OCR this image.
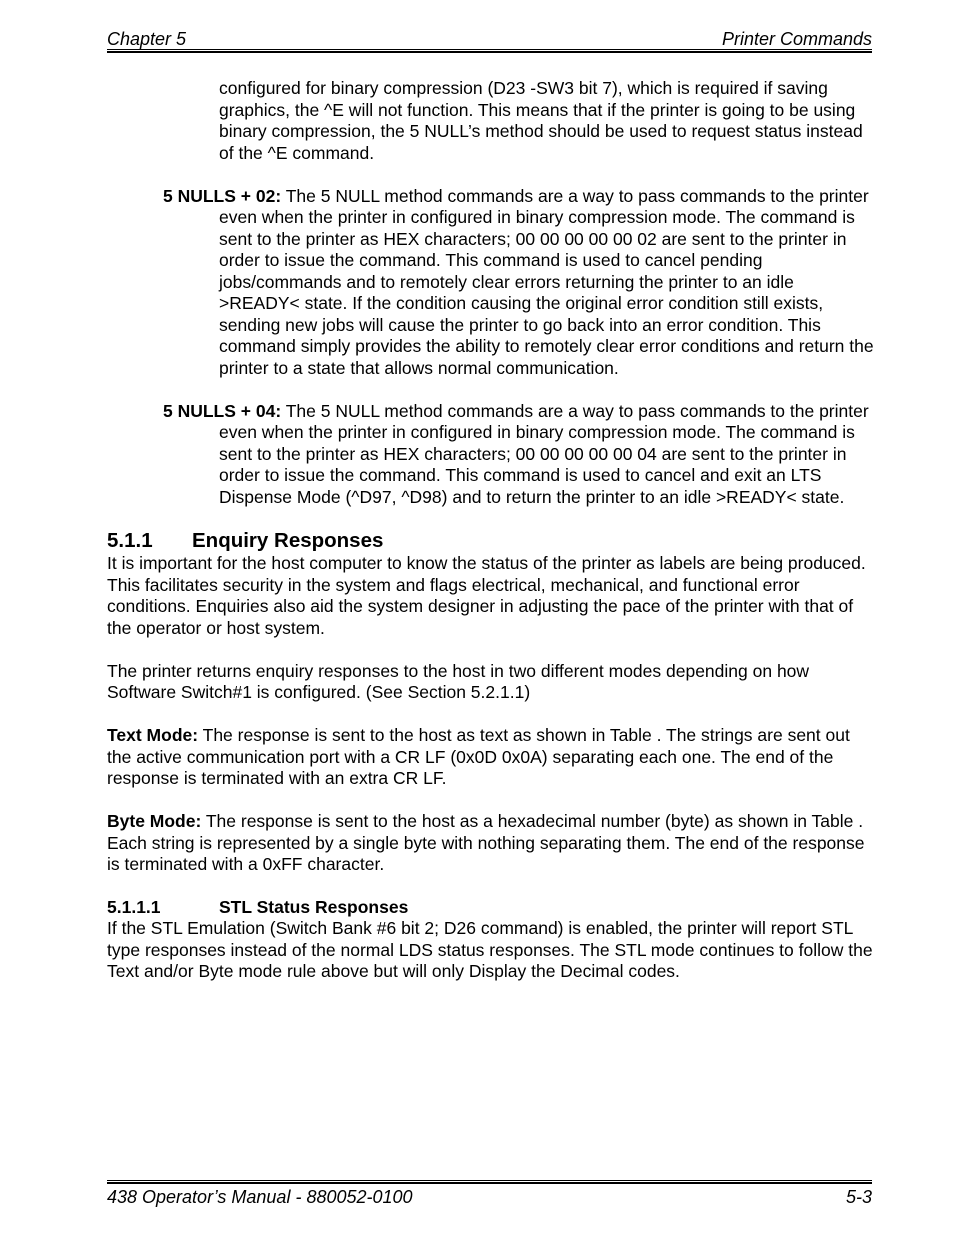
Chapter 5	Printer Commands

configured for binary compression (D23 -SW3 bit 7), which is required if saving graphics, the ^E will not function. This means that if the printer is going to be using binary compression, the 5 NULL’s method should be used to request status instead of the ^E command.

5 NULLS + 02: The 5 NULL method commands are a way to pass commands to the printer even when the printer in configured in binary compression mode. The command is sent to the printer as HEX characters; 00 00 00 00 00 02 are sent to the printer in order to issue the command. This command is used to cancel pending jobs/commands and to remotely clear errors returning the printer to an idle >READY< state. If the condition causing the original error condition still exists, sending new jobs will cause the printer to go back into an error condition. This command simply provides the ability to remotely clear error conditions and return the printer to a state that allows normal communication.

5 NULLS + 04: The 5 NULL method commands are a way to pass commands to the printer even when the printer in configured in binary compression mode. The command is sent to the printer as HEX characters; 00 00 00 00 00 04 are sent to the printer in order to issue the command. This command is used to cancel and exit an LTS Dispense Mode (^D97, ^D98) and to return the printer to an idle >READY< state.

5.1.1 Enquiry Responses

It is important for the host computer to know the status of the printer as labels are being produced. This facilitates security in the system and flags electrical, mechanical, and functional error conditions. Enquiries also aid the system designer in adjusting the pace of the printer with that of the operator or host system.

The printer returns enquiry responses to the host in two different modes depending on how Software Switch#1 is configured. (See Section 5.2.1.1)

Text Mode: The response is sent to the host as text as shown in Table . The strings are sent out the active communication port with a CR LF (0x0D 0x0A) separating each one. The end of the response is terminated with an extra CR LF.

Byte Mode: The response is sent to the host as a hexadecimal number (byte) as shown in Table . Each string is represented by a single byte with nothing separating them. The end of the response is terminated with a 0xFF character.

5.1.1.1	STL Status Responses

If the STL Emulation (Switch Bank #6 bit 2; D26 command) is enabled, the printer will report STL type responses instead of the normal LDS status responses. The STL mode continues to follow the Text and/or Byte mode rule above but will only Display the Decimal codes.

438 Operator’s Manual - 880052-0100	5-3
